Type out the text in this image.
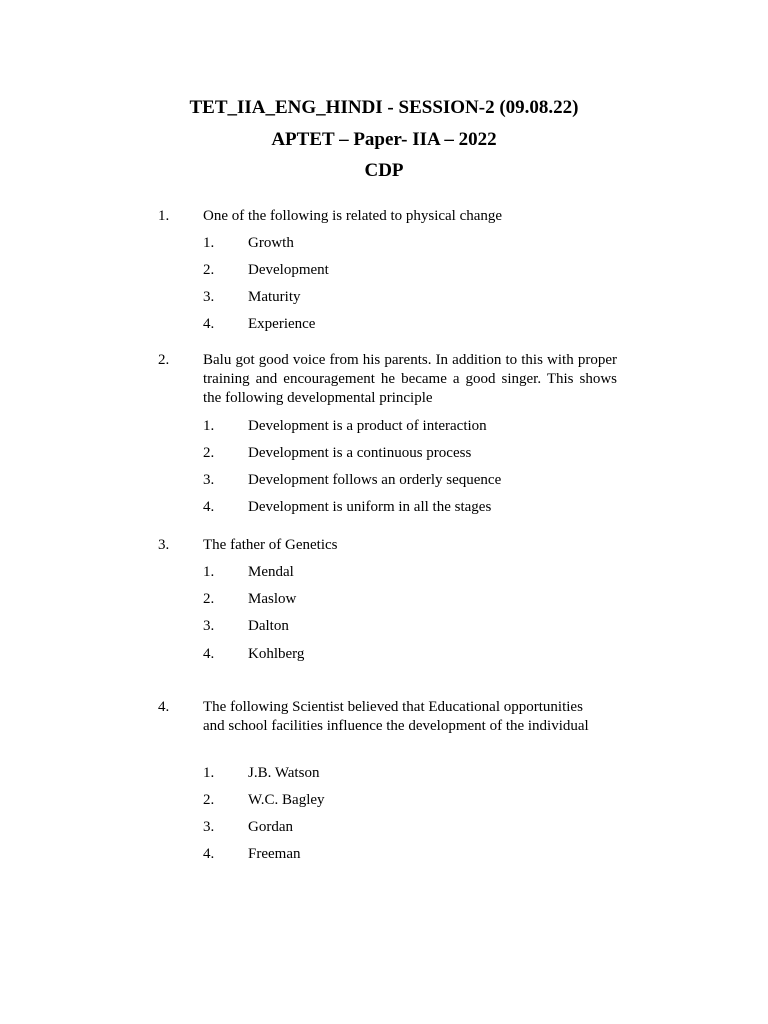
TET_IIA_ENG_HINDI - SESSION-2 (09.08.22)
APTET – Paper- IIA – 2022
CDP
1. One of the following is related to physical change
1. Growth
2. Development
3. Maturity
4. Experience
2. Balu got good voice from his parents. In addition to this with proper training and encouragement he became a good singer. This shows the following developmental principle
1. Development is a product of interaction
2. Development is a continuous process
3. Development follows an orderly sequence
4. Development is uniform in all the stages
3. The father of Genetics
1. Mendal
2. Maslow
3. Dalton
4. Kohlberg
4. The following Scientist believed that Educational opportunities and school facilities influence the development of the individual
1. J.B. Watson
2. W.C. Bagley
3. Gordan
4. Freeman
